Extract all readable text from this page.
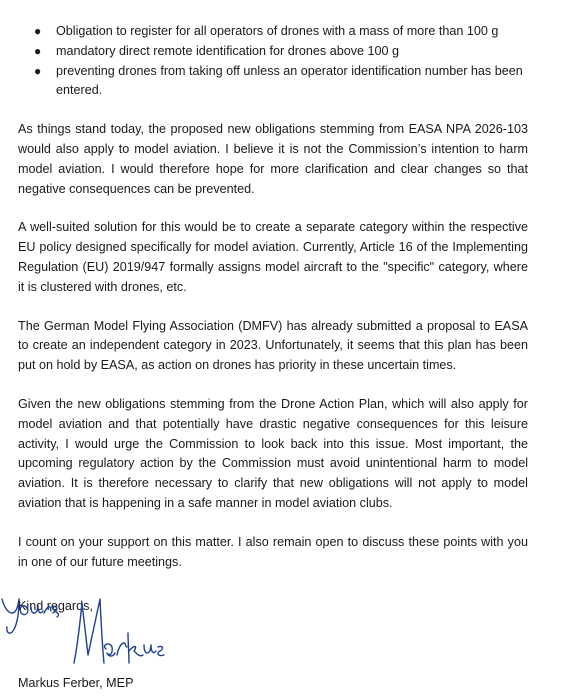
● Obligation to register for all operators of drones with a mass of more than 100 g
● mandatory direct remote identification for drones above 100 g
● preventing drones from taking off unless an operator identification number has been entered.

As things stand today, the proposed new obligations stemming from EASA NPA 2026-103 would also apply to model aviation. I believe it is not the Commission’s intention to harm model aviation. I would therefore hope for more clarification and clear changes so that negative consequences can be prevented.

A well-suited solution for this would be to create a separate category within the respective EU policy designed specifically for model aviation. Currently, Article 16 of the Implementing Regulation (EU) 2019/947 formally assigns model aircraft to the "specific" category, where it is clustered with drones, etc.

The German Model Flying Association (DMFV) has already submitted a proposal to EASA to create an independent category in 2023. Unfortunately, it seems that this plan has been put on hold by EASA, as action on drones has priority in these uncertain times.

Given the new obligations stemming from the Drone Action Plan, which will also apply for model aviation and that potentially have drastic negative consequences for this leisure activity, I would urge the Commission to look back into this issue. Most important, the upcoming regulatory action by the Commission must avoid unintentional harm to model aviation. It is therefore necessary to clarify that new obligations will not apply to model aviation that is happening in a safe manner in model aviation clubs.

I count on your support on this matter. I also remain open to discuss these points with you in one of our future meetings.

Kind regards,

Markus Ferber, MEP
